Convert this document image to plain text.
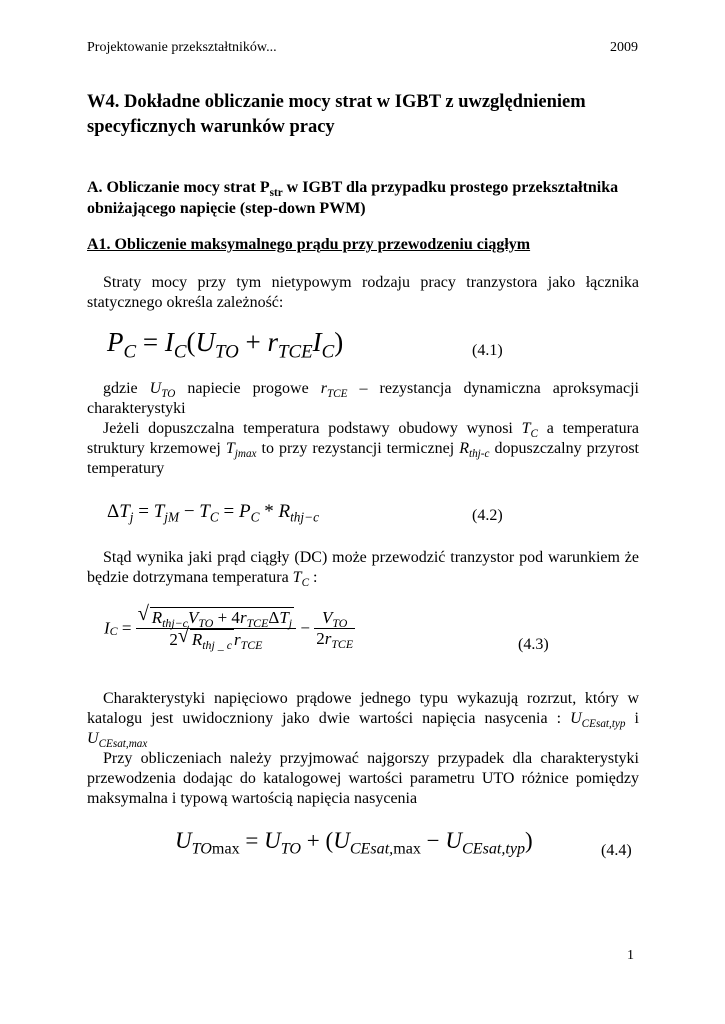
Projektowanie przekształtników...	2009
W4. Dokładne obliczanie mocy strat w IGBT z uwzględnieniem specyficznych warunków pracy
A. Obliczanie mocy strat $P_{str}$ w IGBT dla przypadku prostego przekształtnika obniżającego napięcie (step-down PWM)
A1. Obliczenie maksymalnego prądu przy przewodzeniu ciągłym
Straty mocy przy tym nietypowym rodzaju pracy tranzystora jako łącznika statycznego określa zależność:
$P_C = I_C(U_{TO} + r_{TCE}I_C)$	(4.1)
gdzie $U_{TO}$ napiecie progowe $r_{TCE}$ – rezystancja dynamiczna aproksymacji charakterystyki
Jeżeli dopuszczalna temperatura podstawy obudowy wynosi $T_C$ a temperatura struktury krzemowej $T_{jmax}$ to przy rezystancji termicznej $R_{thj-c}$ dopuszczalny przyrost temperatury
$\Delta T_j = T_{jM} - T_C = P_C * R_{thj-c}$	(4.2)
Stąd wynika jaki prąd ciągły (DC) może przewodzić tranzystor pod warunkiem że będzie dotrzymana temperatura $T_C$ :
$I_C = \frac{√ R_{thj-c}V_{TO} + 4r_{TCE}\Delta T_j}{2 √ R_{thj \_ c} r_{TCE}} - \frac{V_{TO}}{2r_{TCE}}$	(4.3)
Charakterystyki napięciowo prądowe jednego typu wykazują rozrzut, który w katalogu jest uwidoczniony jako dwie wartości napięcia nasycenia : $U_{CEsat,typ}$ i $U_{CEsat,max}$
Przy obliczeniach należy przyjmować najgorszy przypadek dla charakterystyki przewodzenia dodając do katalogowej wartości parametru UTO różnice pomiędzy maksymalna i typową wartością napięcia nasycenia
$U_{TOmax} = U_{TO} + (U_{CEsat,max} - U_{CEsat,typ})$	(4.4)
1
